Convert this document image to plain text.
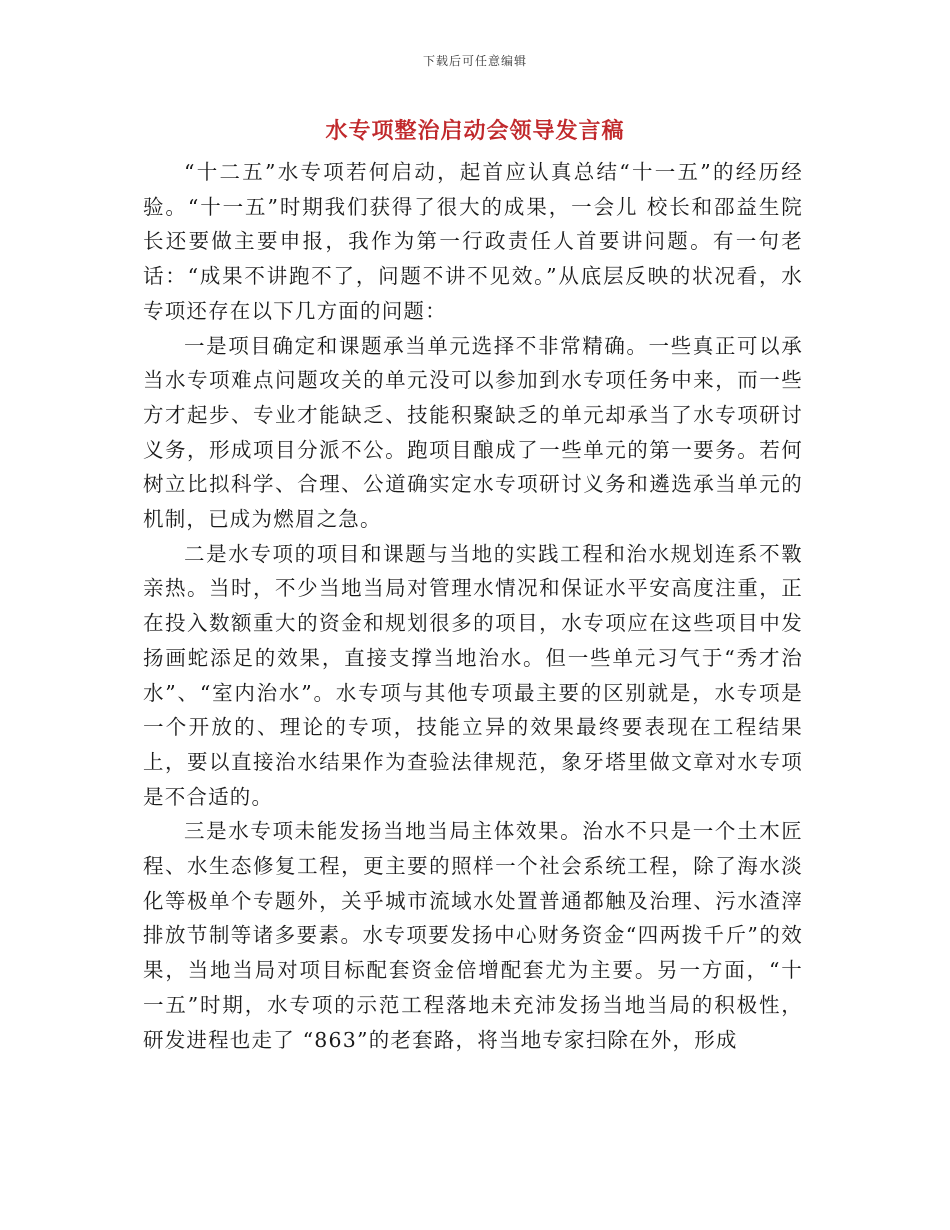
下载后可任意编辑
水专项整治启动会领导发言稿

“十二五”水专项若何启动，起首应认真总结“十一五”的经历经验。“十一五”时期我们获得了很大的成果，一会儿 校长和邵益生院长还要做主要申报，我作为第一行政责任人首要讲问题。有一句老话：“成果不讲跑不了，问题不讲不见效。”从底层反映的状况看，水专项还存在以下几方面的问题：

一是项目确定和课题承当单元选择不非常精确。一些真正可以承当水专项难点问题攻关的单元没可以参加到水专项任务中来，而一些方才起步、专业才能缺乏、技能积聚缺乏的单元却承当了水专项研讨义务，形成项目分派不公。跑项目酿成了一些单元的第一要务。若何树立比拟科学、合理、公道确实定水专项研讨义务和遴选承当单元的机制，已成为燃眉之急。

二是水专项的项目和课题与当地的实践工程和治水规划连系不斁亲热。当时，不少当地当局对管理水情况和保证水平安高度注重，正在投入数额重大的资金和规划很多的项目，水专项应在这些项目中发扬画蛇添足的效果，直接支撑当地治水。但一些单元习气于“秀才治水”、“室内治水”。水专项与其他专项最主要的区别就是，水专项是一个开放的、理论的专项，技能立异的效果最终要表现在工程结果上，要以直接治水结果作为查验法律规范，象牙塔里做文章对水专项是不合适的。

三是水专项未能发扬当地当局主体效果。治水不只是一个土木匠程、水生态修复工程，更主要的照样一个社会系统工程，除了海水淡化等极单个专题外，关乎城市流域水处置普通都触及治理、污水渣滓排放节制等诸多要素。水专项要发扬中心财务资金“四两拨千斤”的效果，当地当局对项目标配套资金倍增配套尤为主要。另一方面，“十一五”时期，水专项的示范工程落地未充沛发扬当地当局的积极性，研发进程也走了 “863”的老套路，将当地专家扫除在外，形成
